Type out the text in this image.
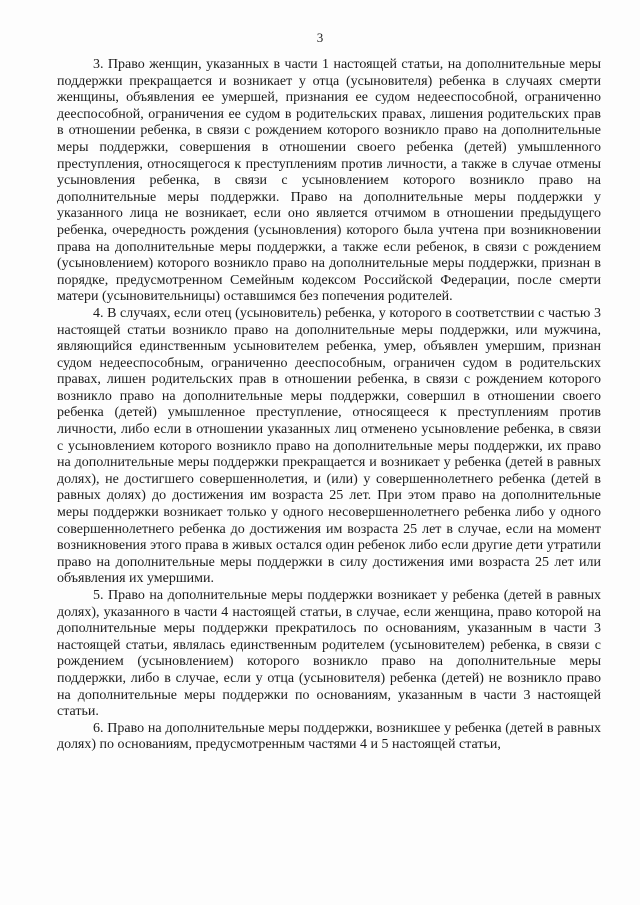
3

3. Право женщин, указанных в части 1 настоящей статьи, на дополнительные меры поддержки прекращается и возникает у отца (усыновителя) ребенка в случаях смерти женщины, объявления ее умершей, признания ее судом недееспособной, ограниченно дееспособной, ограничения ее судом в родительских правах, лишения родительских прав в отношении ребенка, в связи с рождением которого возникло право на дополнительные меры поддержки, совершения в отношении своего ребенка (детей) умышленного преступления, относящегося к преступлениям против личности, а также в случае отмены усыновления ребенка, в связи с усыновлением которого возникло право на дополнительные меры поддержки. Право на дополнительные меры поддержки у указанного лица не возникает, если оно является отчимом в отношении предыдущего ребенка, очередность рождения (усыновления) которого была учтена при возникновении права на дополнительные меры поддержки, а также если ребенок, в связи с рождением (усыновлением) которого возникло право на дополнительные меры поддержки, признан в порядке, предусмотренном Семейным кодексом Российской Федерации, после смерти матери (усыновительницы) оставшимся без попечения родителей.

4. В случаях, если отец (усыновитель) ребенка, у которого в соответствии с частью 3 настоящей статьи возникло право на дополнительные меры поддержки, или мужчина, являющийся единственным усыновителем ребенка, умер, объявлен умершим, признан судом недееспособным, ограниченно дееспособным, ограничен судом в родительских правах, лишен родительских прав в отношении ребенка, в связи с рождением которого возникло право на дополнительные меры поддержки, совершил в отношении своего ребенка (детей) умышленное преступление, относящееся к преступлениям против личности, либо если в отношении указанных лиц отменено усыновление ребенка, в связи с усыновлением которого возникло право на дополнительные меры поддержки, их право на дополнительные меры поддержки прекращается и возникает у ребенка (детей в равных долях), не достигшего совершеннолетия, и (или) у совершеннолетнего ребенка (детей в равных долях) до достижения им возраста 25 лет. При этом право на дополнительные меры поддержки возникает только у одного несовершеннолетнего ребенка либо у одного совершеннолетнего ребенка до достижения им возраста 25 лет в случае, если на момент возникновения этого права в живых остался один ребенок либо если другие дети утратили право на дополнительные меры поддержки в силу достижения ими возраста 25 лет или объявления их умершими.

5. Право на дополнительные меры поддержки возникает у ребенка (детей в равных долях), указанного в части 4 настоящей статьи, в случае, если женщина, право которой на дополнительные меры поддержки прекратилось по основаниям, указанным в части 3 настоящей статьи, являлась единственным родителем (усыновителем) ребенка, в связи с рождением (усыновлением) которого возникло право на дополнительные меры поддержки, либо в случае, если у отца (усыновителя) ребенка (детей) не возникло право на дополнительные меры поддержки по основаниям, указанным в части 3 настоящей статьи.

6. Право на дополнительные меры поддержки, возникшее у ребенка (детей в равных долях) по основаниям, предусмотренным частями 4 и 5 настоящей статьи,
